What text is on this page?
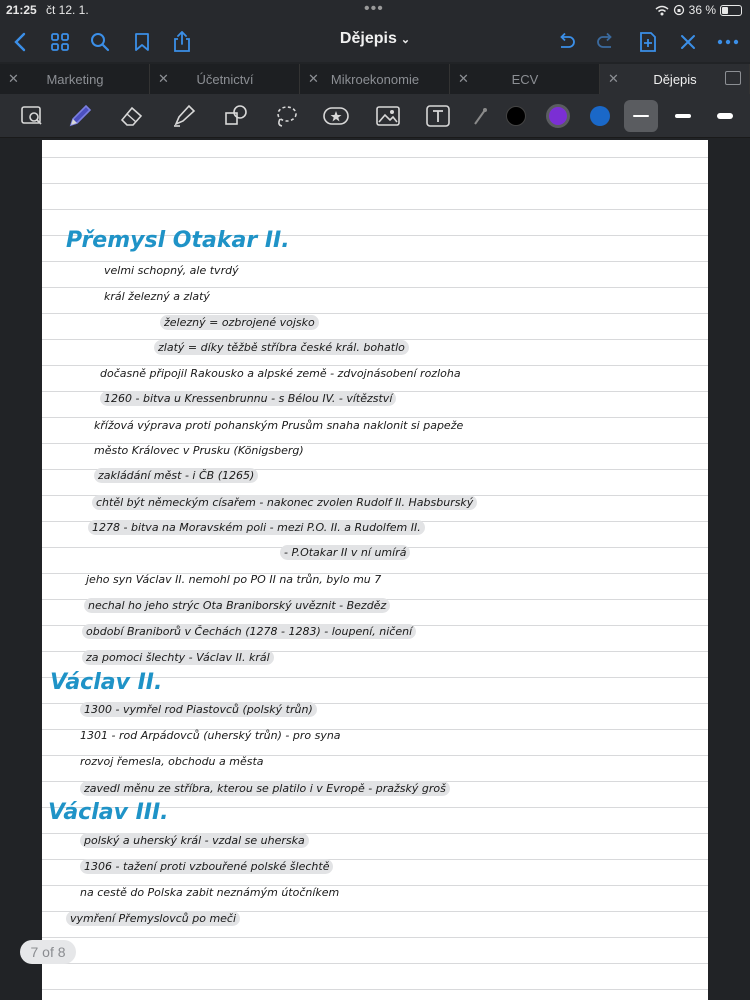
21:25 čt 12. 1.	•••	36 %
Dějepis ⌄
✕	Marketing	✕	Účetnictví	✕ Mikroekonomie	✕	ECV	✕	Dějepis
Přemysl Otakar II.
velmi schopný, ale tvrdý
král železný a zlatý
železný = ozbrojené vojsko
zlatý = díky těžbě stříbra české král. bohatlo
dočasně připojil Rakousko a alpské země - zdvojnásobení rozloha
1260 - bitva u Kressenbrunnu - s Bélou IV. - vítězství
křížová výprava proti pohanským Prusům snaha naklonit si papeže
město Královec v Prusku (Königsberg)
zakládání měst - i ČB (1265)
chtěl být německým císařem - nakonec zvolen Rudolf II. Habsburský
1278 - bitva na Moravském poli - mezi P.O. II. a Rudolfem II.
- P.Otakar II v ní umírá
jeho syn Václav II. nemohl po PO II na trůn, bylo mu 7
nechal ho jeho strýc Ota Braniborský uvěznit - Bezděz
období Braniborů v Čechách (1278 - 1283) - loupení, ničení
za pomoci šlechty - Václav II. král
Václav II.
1300 - vymřel rod Piastovců (polský trůn)
1301 - rod Arpádovců (uherský trůn) - pro syna
rozvoj řemesla, obchodu a města
zavedl měnu ze stříbra, kterou se platilo i v Evropě - pražský groš
Václav III.
polský a uherský král - vzdal se uherska
1306 - tažení proti vzbouřené polské šlechtě
na cestě do Polska zabit neznámým útočníkem
vymření Přemyslovců po meči
7 of 8
